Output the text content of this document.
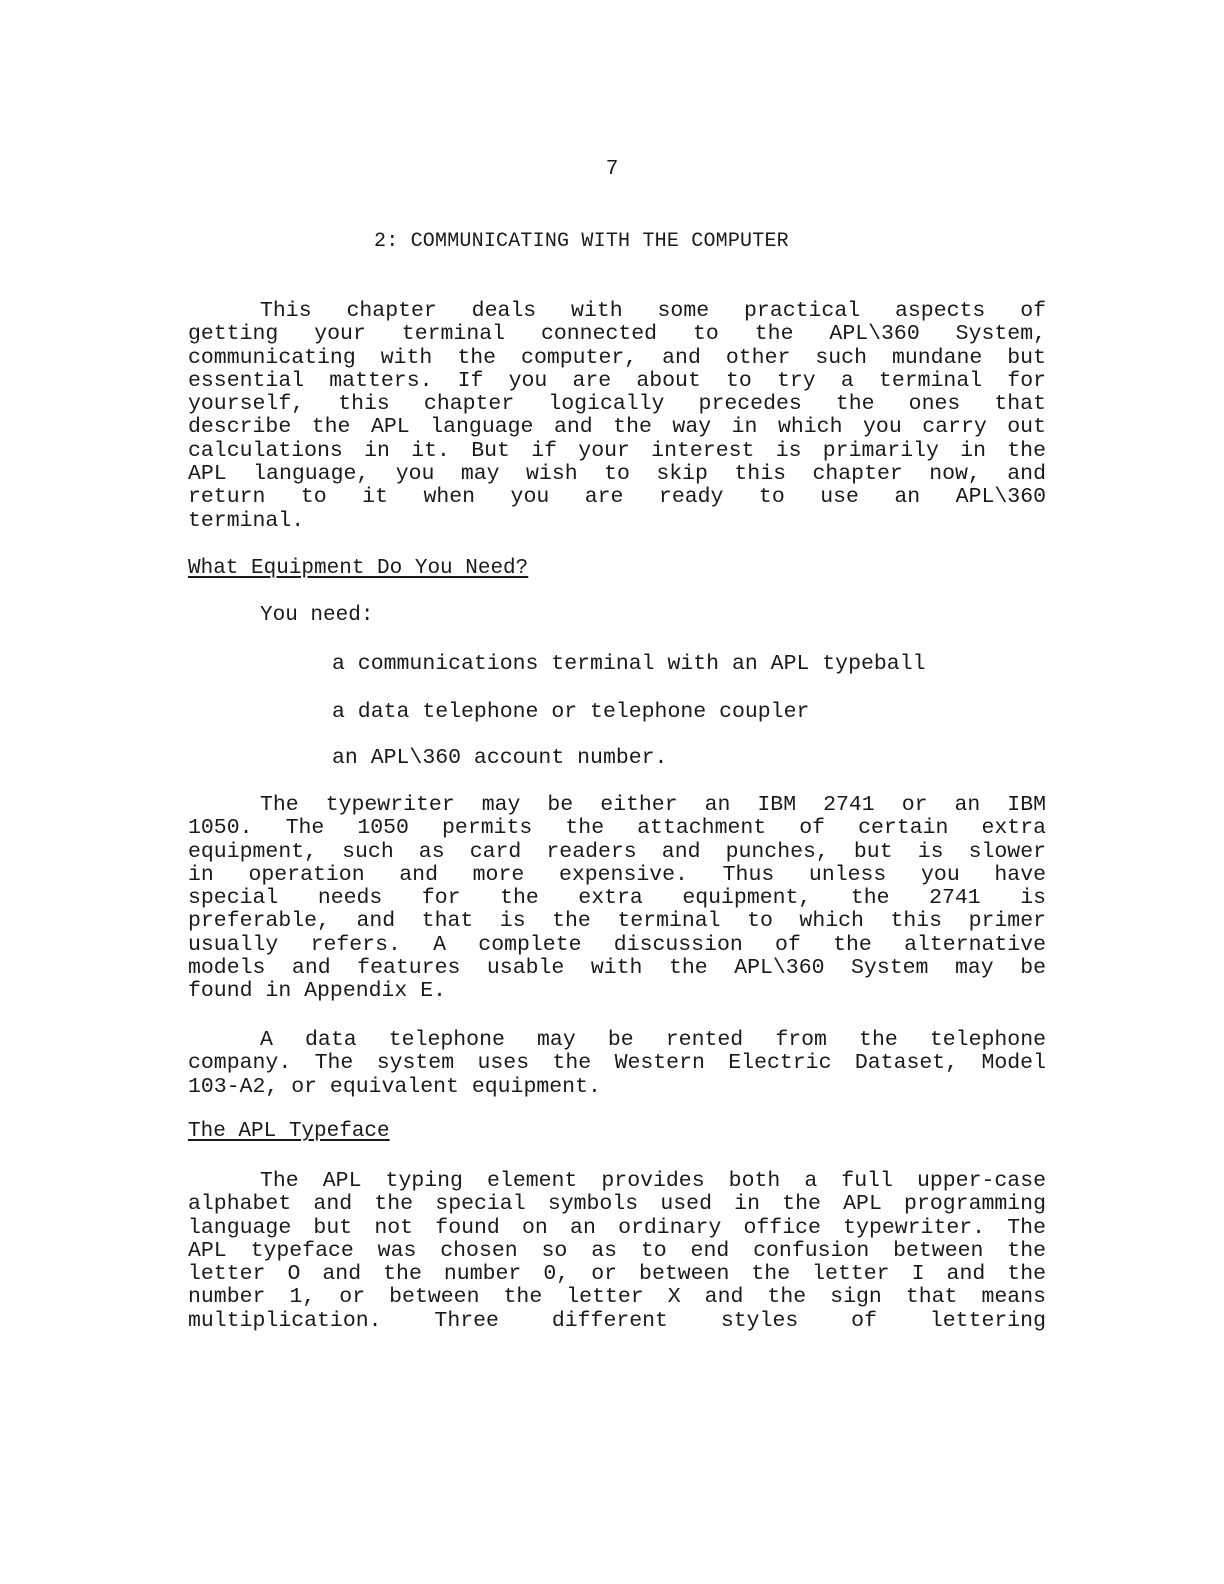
7
2: COMMUNICATING WITH THE COMPUTER
This chapter deals with some practical aspects of
getting your terminal connected to the APL\360 System,
communicating with the computer, and other such mundane but
essential matters. If you are about to try a terminal for
yourself, this chapter logically precedes the ones that
describe the APL language and the way in which you carry out
calculations in it. But if your interest is primarily in the
APL language, you may wish to skip this chapter now, and
return to it when you are ready to use an APL\360
terminal.
What Equipment Do You Need?
You need:
a communications terminal with an APL typeball
a data telephone or telephone coupler
an APL\360 account number.
The typewriter may be either an IBM 2741 or an IBM
1050. The 1050 permits the attachment of certain extra
equipment, such as card readers and punches, but is slower
in operation and more expensive. Thus unless you have
special needs for the extra equipment, the 2741 is
preferable, and that is the terminal to which this primer
usually refers. A complete discussion of the alternative
models and features usable with the APL\360 System may be
found in Appendix E.
A data telephone may be rented from the telephone
company. The system uses the Western Electric Dataset, Model
103-A2, or equivalent equipment.
The APL Typeface
The APL typing element provides both a full upper-case
alphabet and the special symbols used in the APL programming
language but not found on an ordinary office typewriter. The
APL typeface was chosen so as to end confusion between the
letter O and the number 0, or between the letter I and the
number 1, or between the letter X and the sign that means
multiplication. Three different styles of lettering
